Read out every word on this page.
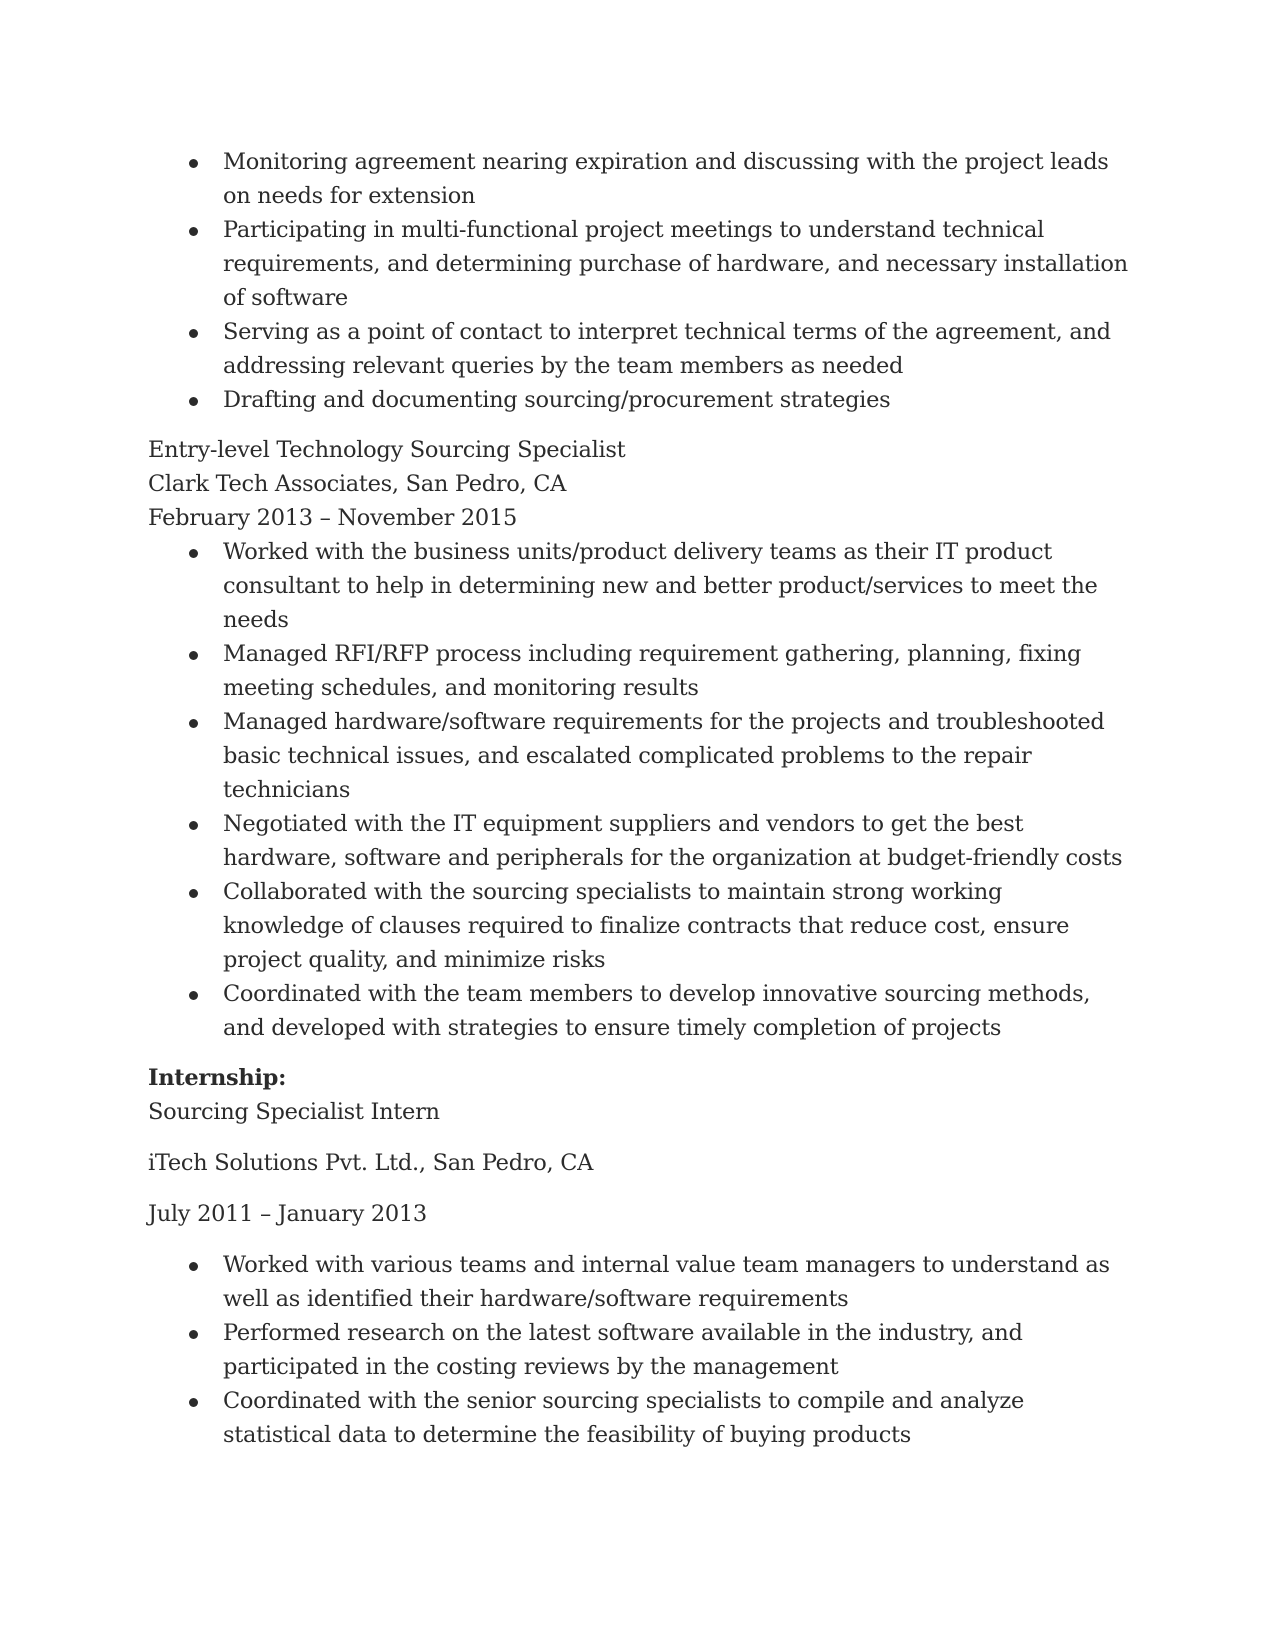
Monitoring agreement nearing expiration and discussing with the project leads on needs for extension
Participating in multi-functional project meetings to understand technical requirements, and determining purchase of hardware, and necessary installation of software
Serving as a point of contact to interpret technical terms of the agreement, and addressing relevant queries by the team members as needed
Drafting and documenting sourcing/procurement strategies

Entry-level Technology Sourcing Specialist

Clark Tech Associates, San Pedro, CA

February 2013 – November 2015

Worked with the business units/product delivery teams as their IT product consultant to help in determining new and better product/services to meet the needs
Managed RFI/RFP process including requirement gathering, planning, fixing meeting schedules, and monitoring results
Managed hardware/software requirements for the projects and troubleshooted basic technical issues, and escalated complicated problems to the repair technicians
Negotiated with the IT equipment suppliers and vendors to get the best hardware, software and peripherals for the organization at budget-friendly costs
Collaborated with the sourcing specialists to maintain strong working knowledge of clauses required to finalize contracts that reduce cost, ensure project quality, and minimize risks
Coordinated with the team members to develop innovative sourcing methods, and developed with strategies to ensure timely completion of projects

Internship:

Sourcing Specialist Intern

iTech Solutions Pvt. Ltd., San Pedro, CA

July 2011 – January 2013

Worked with various teams and internal value team managers to understand as well as identified their hardware/software requirements
Performed research on the latest software available in the industry, and participated in the costing reviews by the management
Coordinated with the senior sourcing specialists to compile and analyze statistical data to determine the feasibility of buying products
